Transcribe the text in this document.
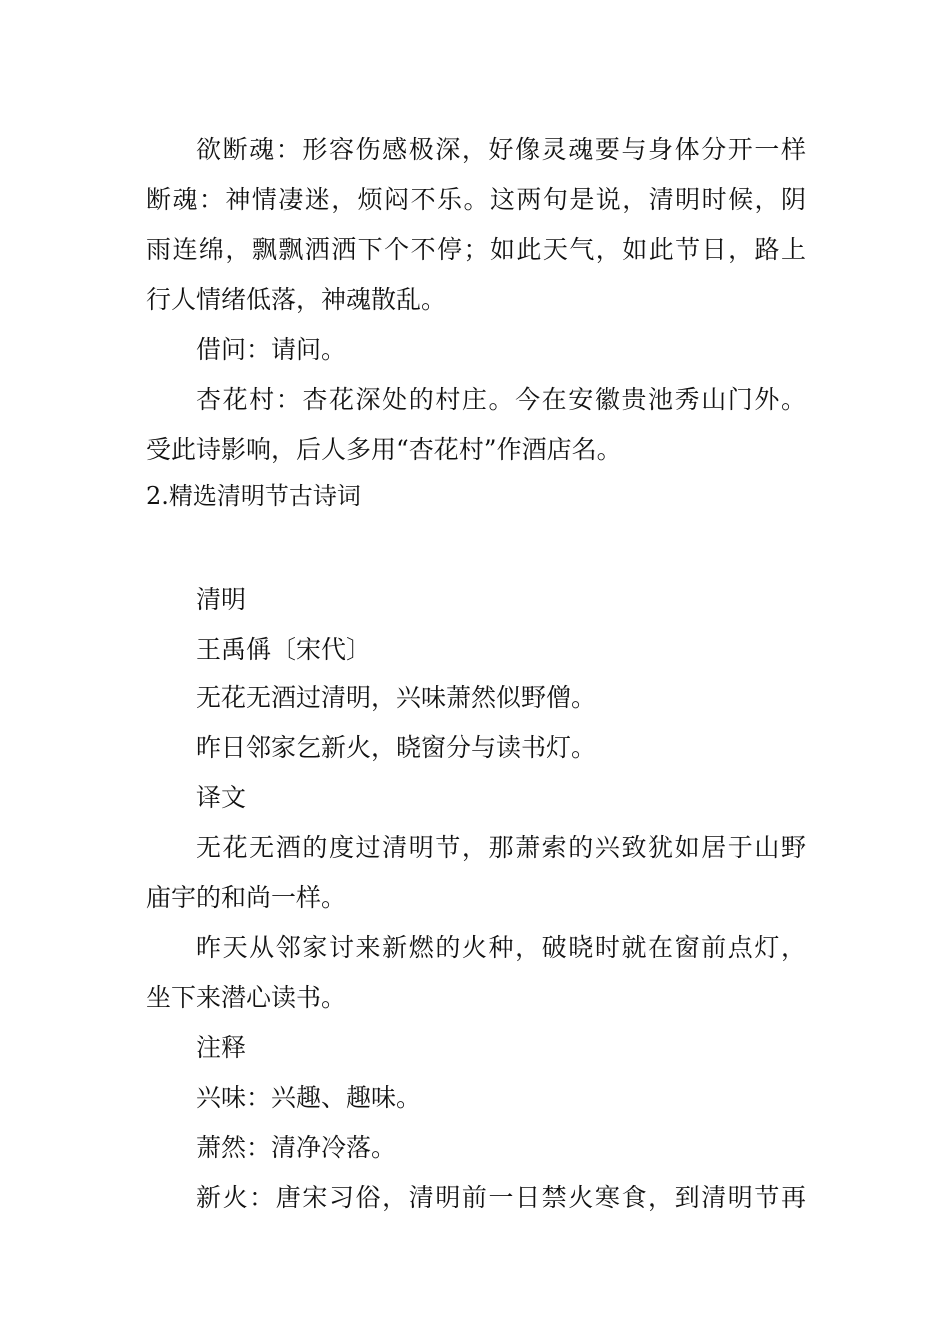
欲断魂：形容伤感极深，好像灵魂要与身体分开一样
断魂：神情凄迷，烦闷不乐。这两句是说，清明时候，阴
雨连绵，飘飘洒洒下个不停；如此天气，如此节日，路上
行人情绪低落，神魂散乱。
借问：请问。
杏花村：杏花深处的村庄。今在安徽贵池秀山门外。
受此诗影响，后人多用“杏花村”作酒店名。
2.精选清明节古诗词
清明
王禹偁〔宋代〕
无花无酒过清明，兴味萧然似野僧。
昨日邻家乞新火，晓窗分与读书灯。
译文
无花无酒的度过清明节，那萧索的兴致犹如居于山野
庙宇的和尚一样。
昨天从邻家讨来新燃的火种，破晓时就在窗前点灯，
坐下来潜心读书。
注释
兴味：兴趣、趣味。
萧然：清净冷落。
新火：唐宋习俗，清明前一日禁火寒食，到清明节再
